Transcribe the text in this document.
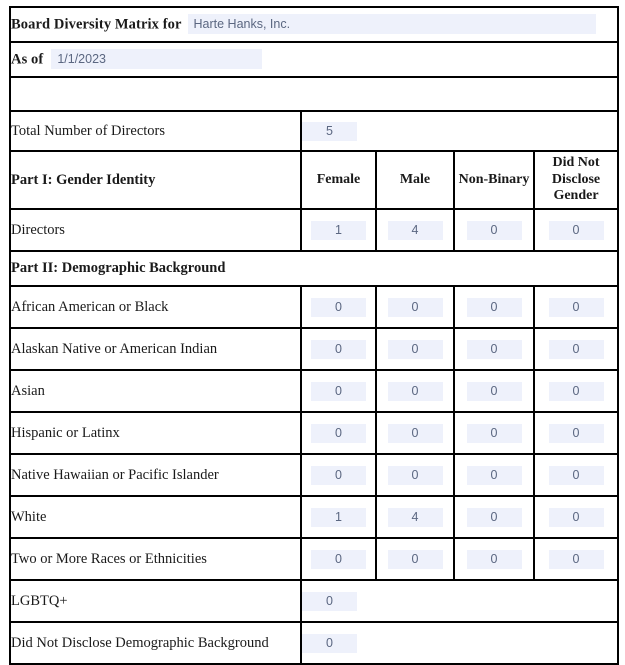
Board Diversity Matrix for Harte Hanks, Inc.				
As of 1/1/2023				

Total Number of Directors	5			
Part I: Gender Identity	Female	Male	Non-Binary	Did Not Disclose Gender
Directors	1	4	0	0
Part II: Demographic Background				
African American or Black	0	0	0	0
Alaskan Native or American Indian	0	0	0	0
Asian	0	0	0	0
Hispanic or Latinx	0	0	0	0
Native Hawaiian or Pacific Islander	0	0	0	0
White	1	4	0	0
Two or More Races or Ethnicities	0	0	0	0
LGBTQ+	0			
Did Not Disclose Demographic Background	0			
